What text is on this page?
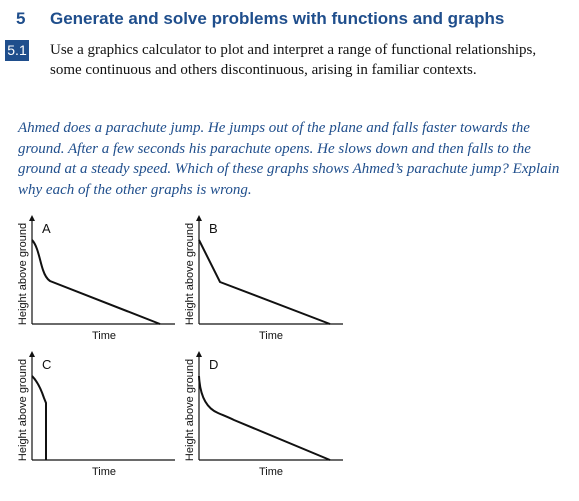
5 Generate and solve problems with functions and graphs
5.1 Use a graphics calculator to plot and interpret a range of functional relationships, some continuous and others discontinuous, arising in familiar contexts.
Ahmed does a parachute jump. He jumps out of the plane and falls faster towards the ground. After a few seconds his parachute opens. He slows down and then falls to the ground at a steady speed. Which of these graphs shows Ahmed’s parachute jump? Explain why each of the other graphs is wrong.
A
Time
Height above ground	B
Time
Height above ground
C
Time
Height above ground	D
Time
Height above ground
